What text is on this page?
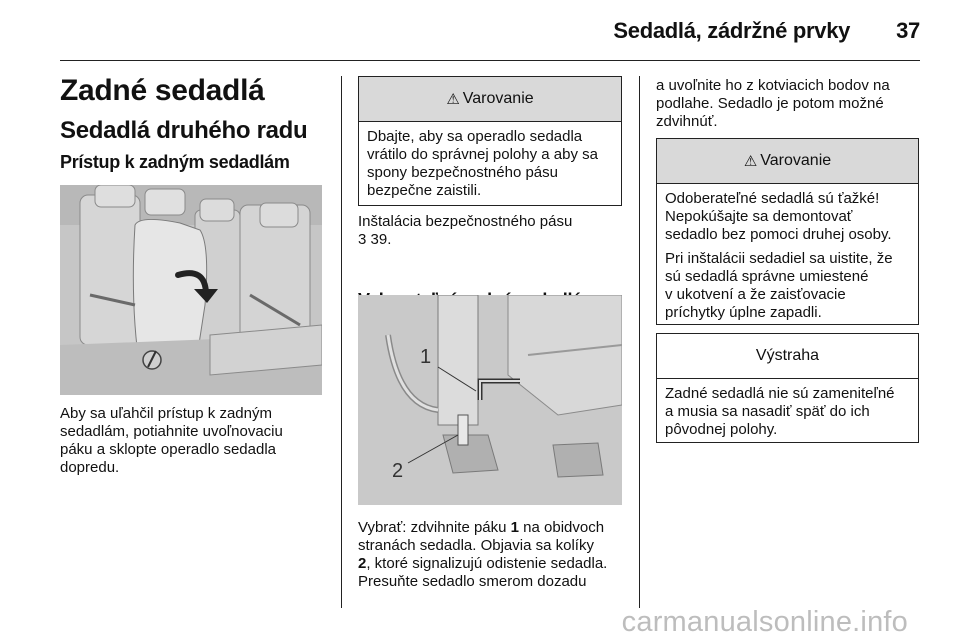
Sedadlá, zádržné prvky 37
Zadné sedadlá
Sedadlá druhého radu
Prístup k zadným sedadlám

Aby sa uľahčil prístup k zadným

sedadlám, potiahnite uvoľnovaciu

páku a sklopte operadlo sedadla

dopredu.

⚠ Varovanie
Dbajte, aby sa operadlo sedadla
vrátilo do správnej polohy a aby sa
spony bezpečnostného pásu
bezpečne zaistili.

Inštalácia bezpečnostného pásu

3 39.

1
2

Vybrať: zdvihnite páku 1 na obidvoch

stranách sedadla. Objavia sa kolíky

2, ktoré signalizujú odistenie sedadla.

Presuňte sedadlo smerom dozadu

a uvoľnite ho z kotviacich bodov na

podlahe. Sedadlo je potom možné

zdvihnúť.

⚠ Varovanie

Odoberateľné sedadlá sú ťažké!
Nepokúšajte sa demontovať
sedadlo bez pomoci druhej osoby.

Pri inštalácii sedadiel sa uistite, že
sú sedadlá správne umiestené
v ukotvení a že zaisťovacie
príchytky úplne zapadli.

Výstraha
Zadné sedadlá nie sú zameniteľné
a musia sa nasadiť späť do ich
pôvodnej polohy.
carmanualsonline.info
